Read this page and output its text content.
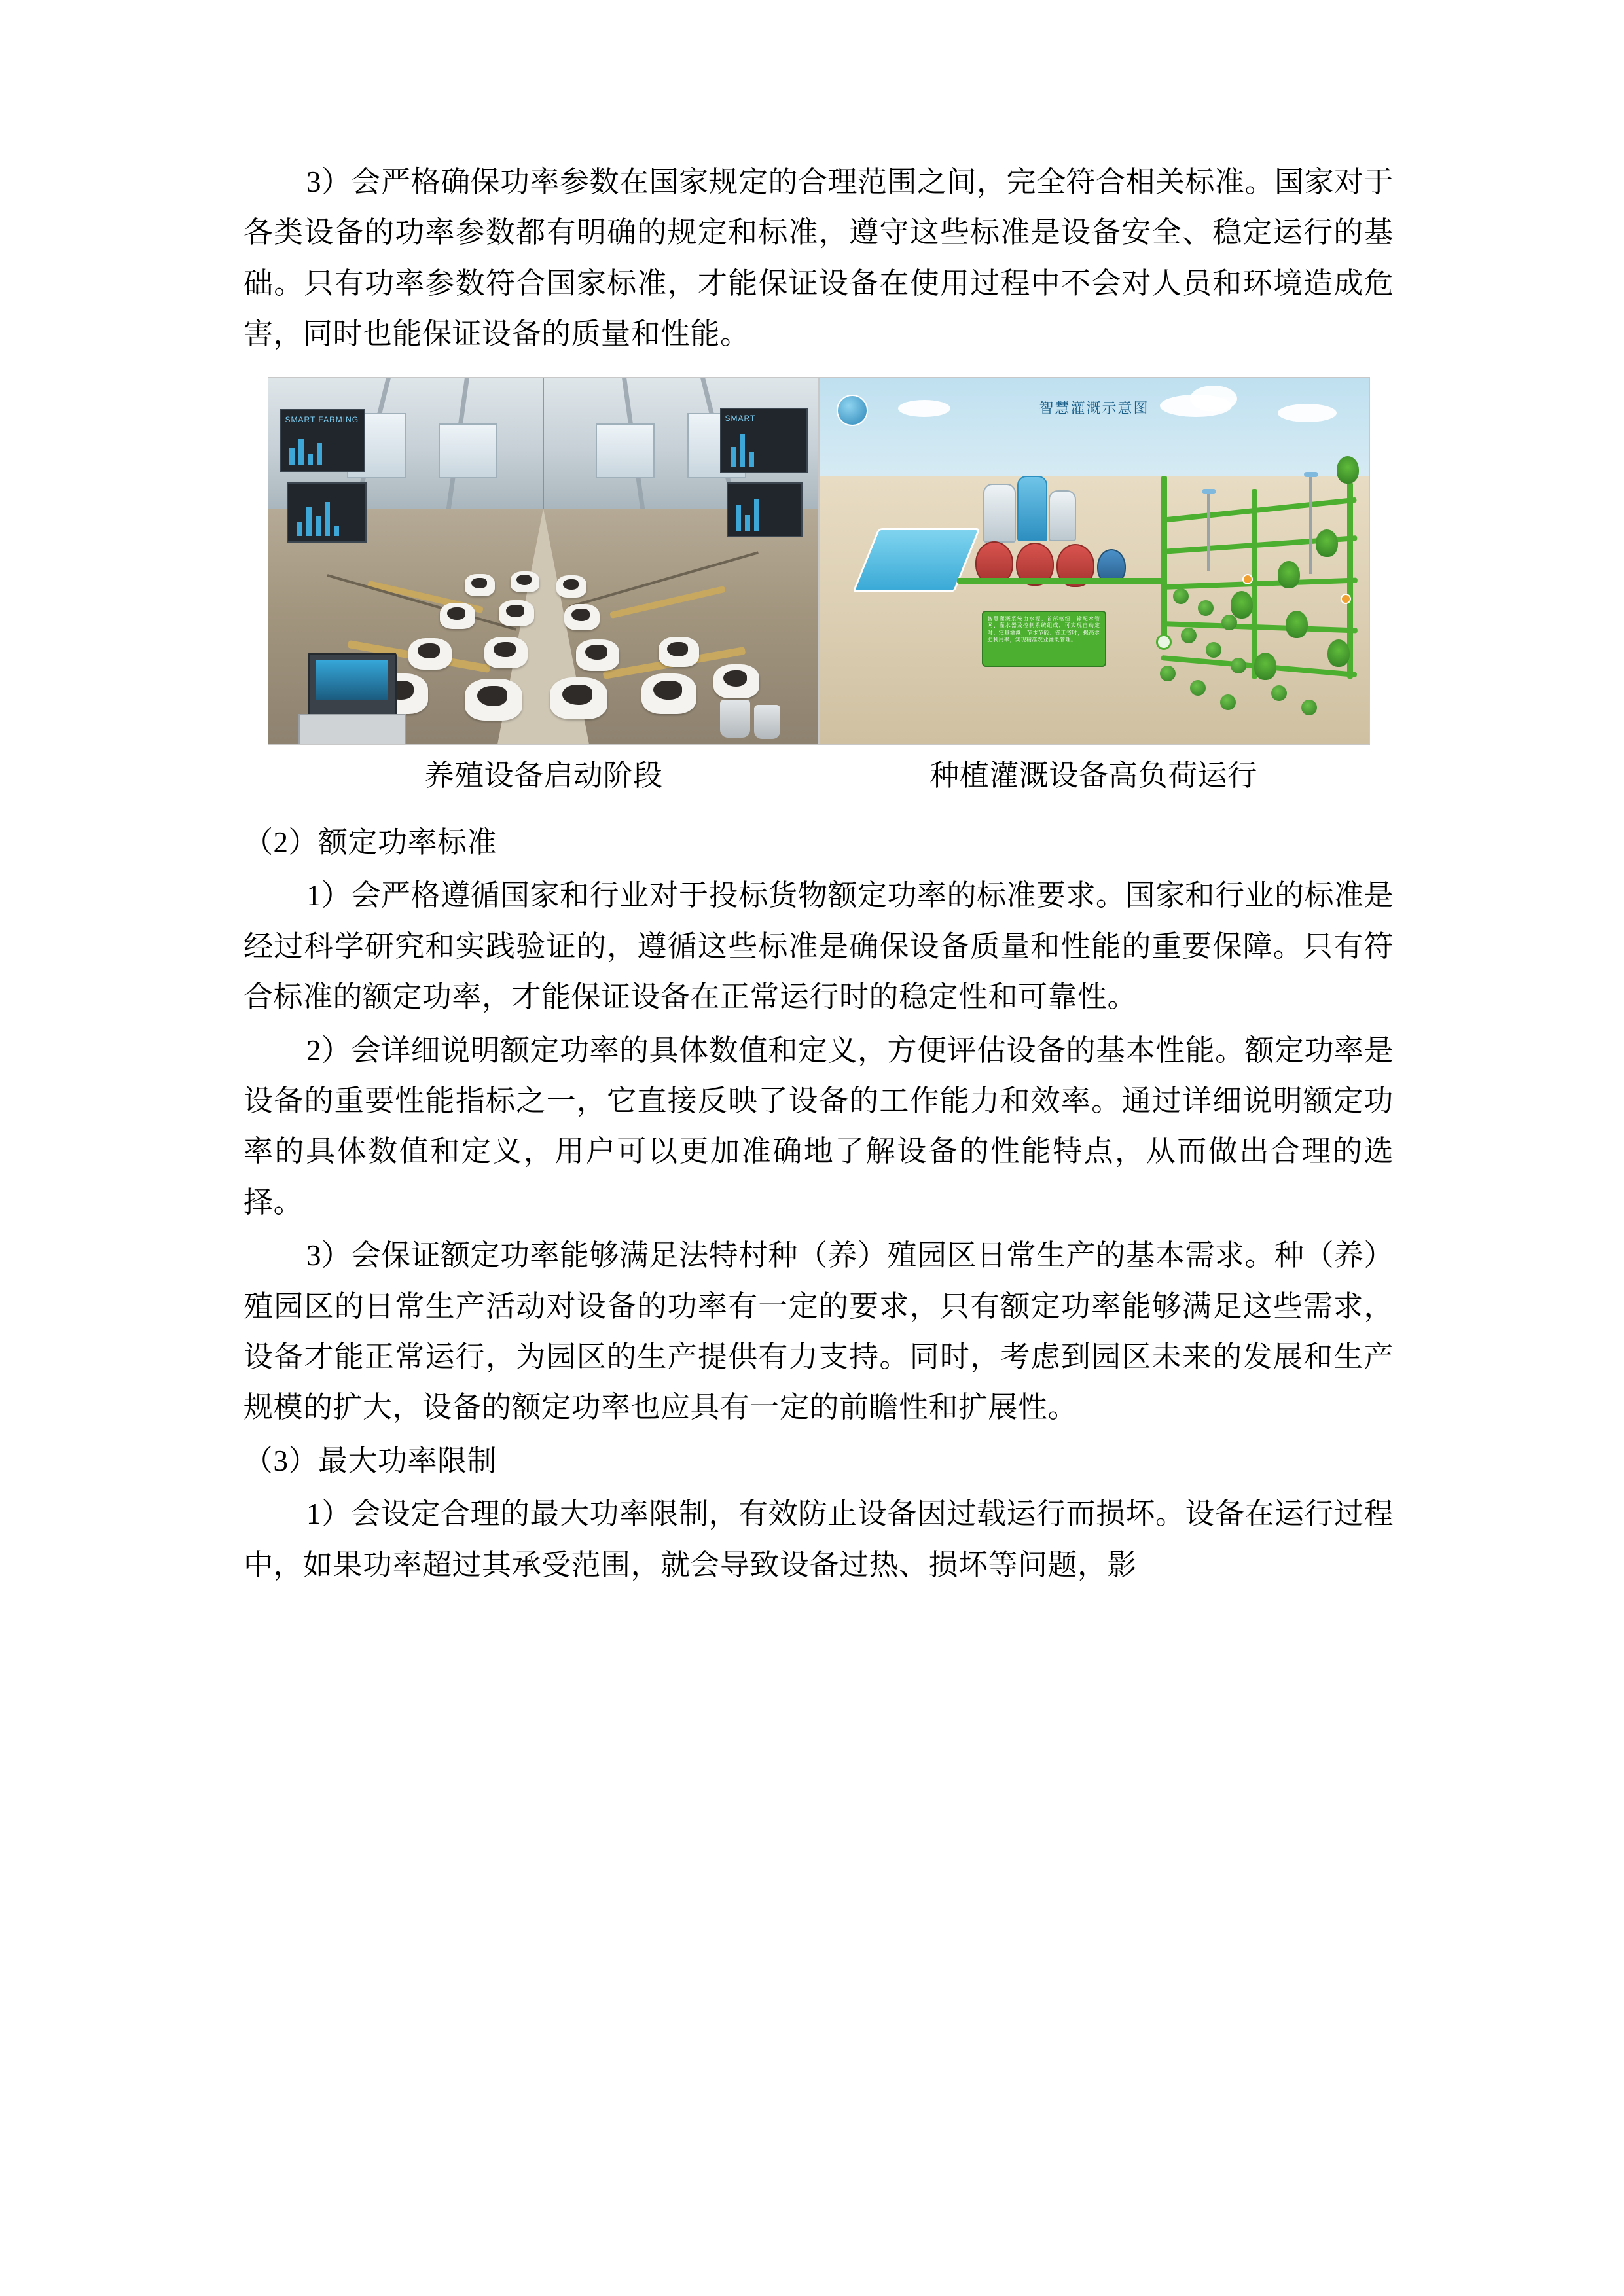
3）会严格确保功率参数在国家规定的合理范围之间，完全符合相关标准。国家对于各类设备的功率参数都有明确的规定和标准，遵守这些标准是设备安全、稳定运行的基础。只有功率参数符合国家标准，才能保证设备在使用过程中不会对人员和环境造成危害，同时也能保证设备的质量和性能。

SMART FARMING	SMART
智慧灌溉示意图
智慧灌溉系统由水源、首部枢纽、输配水管网、灌水器及控制系统组成，可实现自动定时、定量灌溉，节水节能、省工省时，提高水肥利用率，实现精准农业灌溉管理。
养殖设备启动阶段	种植灌溉设备高负荷运行

（2）额定功率标准

1）会严格遵循国家和行业对于投标货物额定功率的标准要求。国家和行业的标准是经过科学研究和实践验证的，遵循这些标准是确保设备质量和性能的重要保障。只有符合标准的额定功率，才能保证设备在正常运行时的稳定性和可靠性。

2）会详细说明额定功率的具体数值和定义，方便评估设备的基本性能。额定功率是设备的重要性能指标之一，它直接反映了设备的工作能力和效率。通过详细说明额定功率的具体数值和定义，用户可以更加准确地了解设备的性能特点，从而做出合理的选择。

3）会保证额定功率能够满足法特村种（养）殖园区日常生产的基本需求。种（养）殖园区的日常生产活动对设备的功率有一定的要求，只有额定功率能够满足这些需求，设备才能正常运行，为园区的生产提供有力支持。同时，考虑到园区未来的发展和生产规模的扩大，设备的额定功率也应具有一定的前瞻性和扩展性。

（3）最大功率限制

1）会设定合理的最大功率限制，有效防止设备因过载运行而损坏。设备在运行过程中，如果功率超过其承受范围，就会导致设备过热、损坏等问题，影
